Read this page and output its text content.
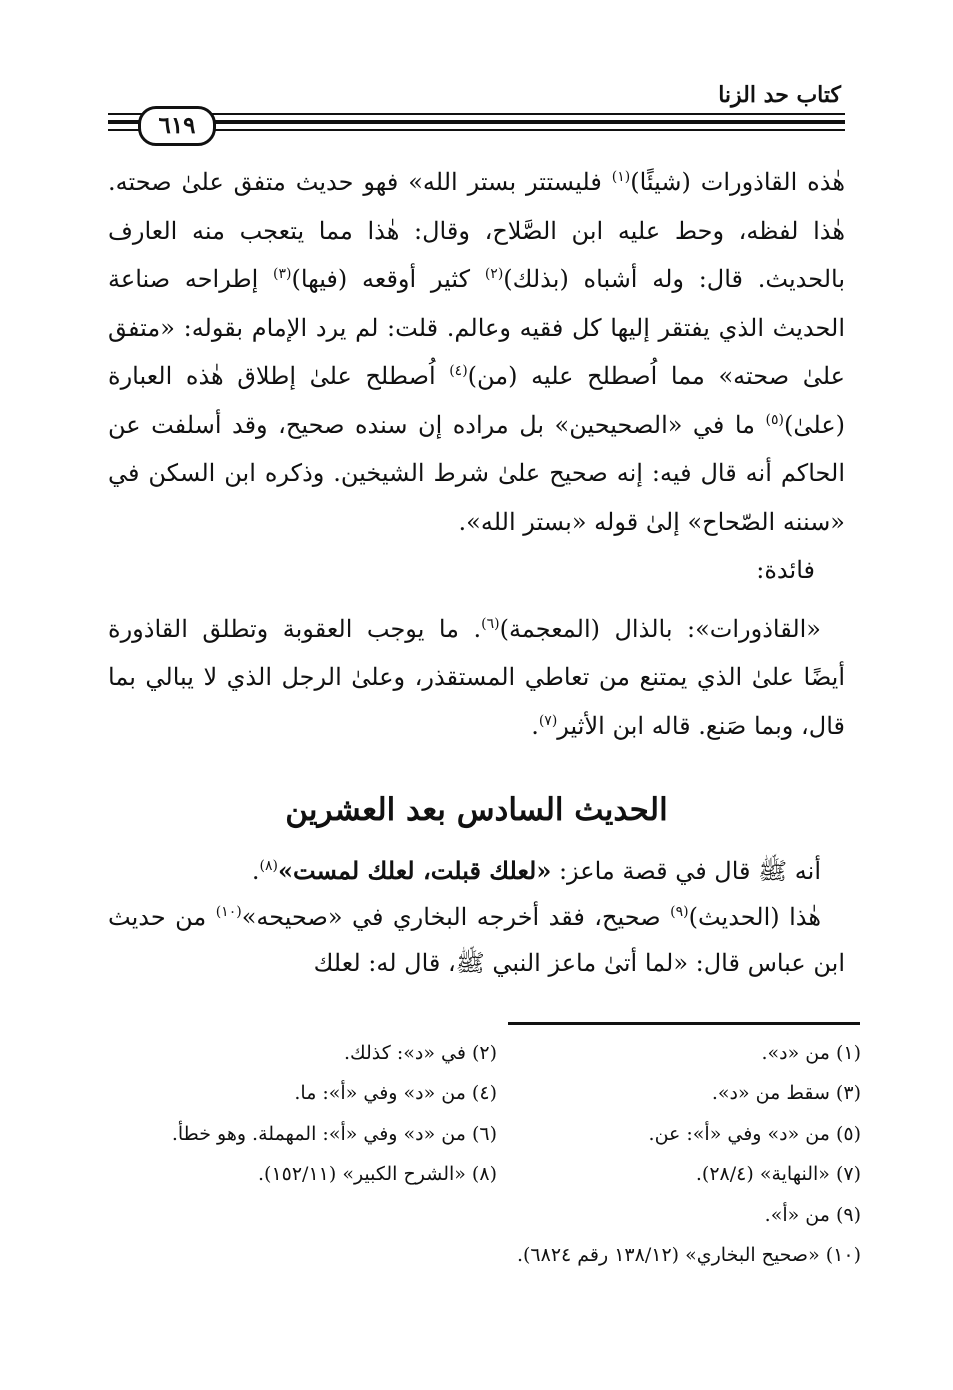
كتاب حد الزنا
٦١٩

هٰذه القاذورات (شيئًا)$^{(١)}$ فليستتر بستر الله» فهو حديث متفق علىٰ صحته. هٰذا لفظه، وحط عليه ابن الصَّلاح، وقال: هٰذا مما يتعجب منه العارف بالحديث. قال: وله أشباه (بذلك)$^{(٢)}$ كثير أوقعه (فيها)$^{(٣)}$ إطراحه صناعة الحديث الذي يفتقر إليها كل فقيه وعالم. قلت: لم يرد الإمام بقوله: «متفق علىٰ صحته» مما اُصطلح عليه (من)$^{(٤)}$ اُصطلح علىٰ إطلاق هٰذه العبارة (علىٰ)$^{(٥)}$ ما في «الصحيحين» بل مراده إن سنده صحيح، وقد أسلفت عن الحاكم أنه قال فيه: إنه صحيح علىٰ شرط الشيخين. وذكره ابن السكن في «سننه الصّحاح» إلىٰ قوله «بستر الله».

فائدة:

«القاذورات»: بالذال (المعجمة)$^{(٦)}$. ما يوجب العقوبة وتطلق القاذورة أيضًا علىٰ الذي يمتنع من تعاطي المستقذر، وعلىٰ الرجل الذي لا يبالي بما قال، وبما صَنع. قاله ابن الأثير$^{(٧)}$.

الحديث السادس بعد العشرين

أنه ﷺ قال في قصة ماعز: «لعلك قبلت، لعلك لمست»$^{(٨)}$.

هٰذا (الحديث)$^{(٩)}$ صحيح، فقد أخرجه البخاري في «صحيحه»$^{(١٠)}$ من حديث ابن عباس قال: «لما أتىٰ ماعز النبي ﷺ، قال له: لعلك

(١) من «د».
(٢) في «د»: كذلك.
(٣) سقط من «د».
(٤) من «د» وفي «أ»: ما.
(٥) من «د» وفي «أ»: عن.
(٦) من «د» وفي «أ»: المهملة. وهو خطأ.
(٧) «النهاية» (٢٨/٤).
(٨) «الشرح الكبير» (١٥٢/١١).
(٩) من «أ».
(١٠) «صحيح البخاري» (١٣٨/١٢ رقم ٦٨٢٤).
